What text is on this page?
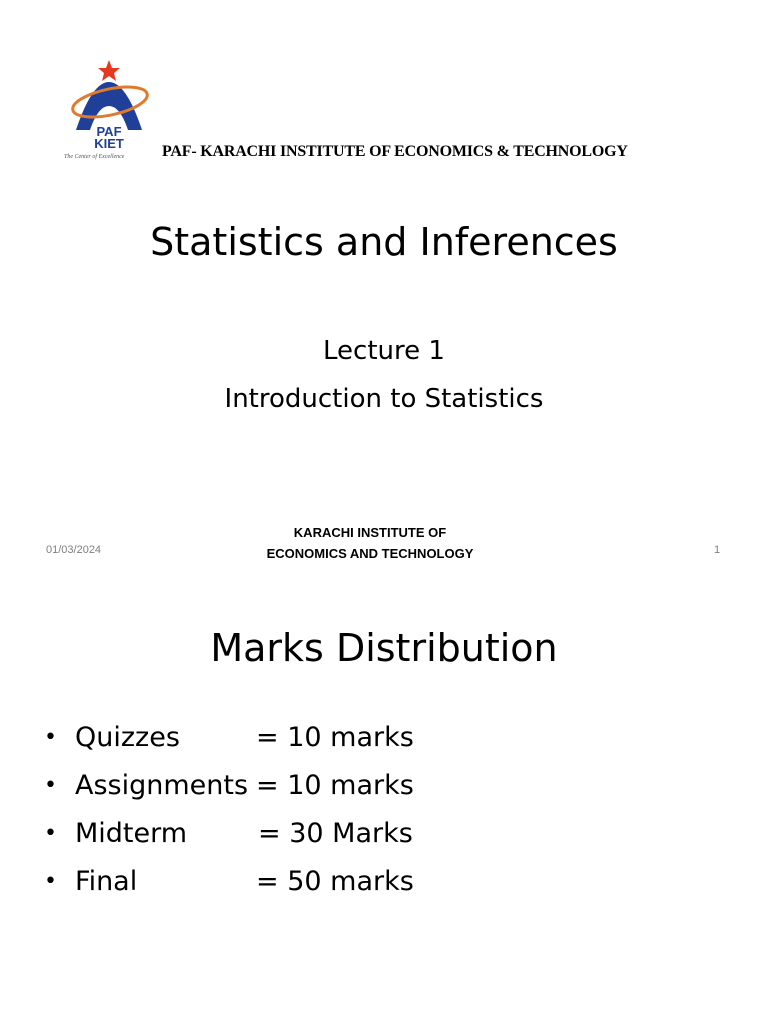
PAF
KIET
The Center of Excellence PAF- KARACHI INSTITUTE OF ECONOMICS & TECHNOLOGY
Statistics and Inferences
Lecture 1
Introduction to Statistics
01/03/2024
KARACHI INSTITUTE OF
ECONOMICS AND TECHNOLOGY	1
Marks Distribution
• Quizzes	= 10 marks
• Assignments = 10 marks
• Midterm	= 30 Marks
• Final	= 50 marks
